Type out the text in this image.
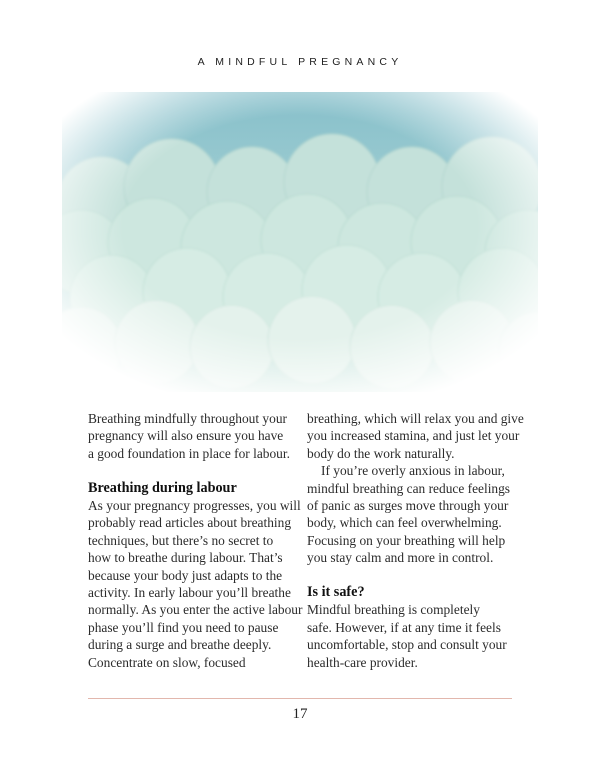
A MINDFUL PREGNANCY
Breathing mindfully throughout your
pregnancy will also ensure you have
a good foundation in place for labour.
Breathing during labour
As your pregnancy progresses, you will
probably read articles about breathing
techniques, but there’s no secret to
how to breathe during labour. That’s
because your body just adapts to the
activity. In early labour you’ll breathe
normally. As you enter the active labour
phase you’ll find you need to pause
during a surge and breathe deeply.
Concentrate on slow, focused
breathing, which will relax you and give
you increased stamina, and just let your
body do the work naturally.
If you’re overly anxious in labour,
mindful breathing can reduce feelings
of panic as surges move through your
body, which can feel overwhelming.
Focusing on your breathing will help
you stay calm and more in control.
Is it safe?
Mindful breathing is completely
safe. However, if at any time it feels
uncomfortable, stop and consult your
health-care provider.
17
